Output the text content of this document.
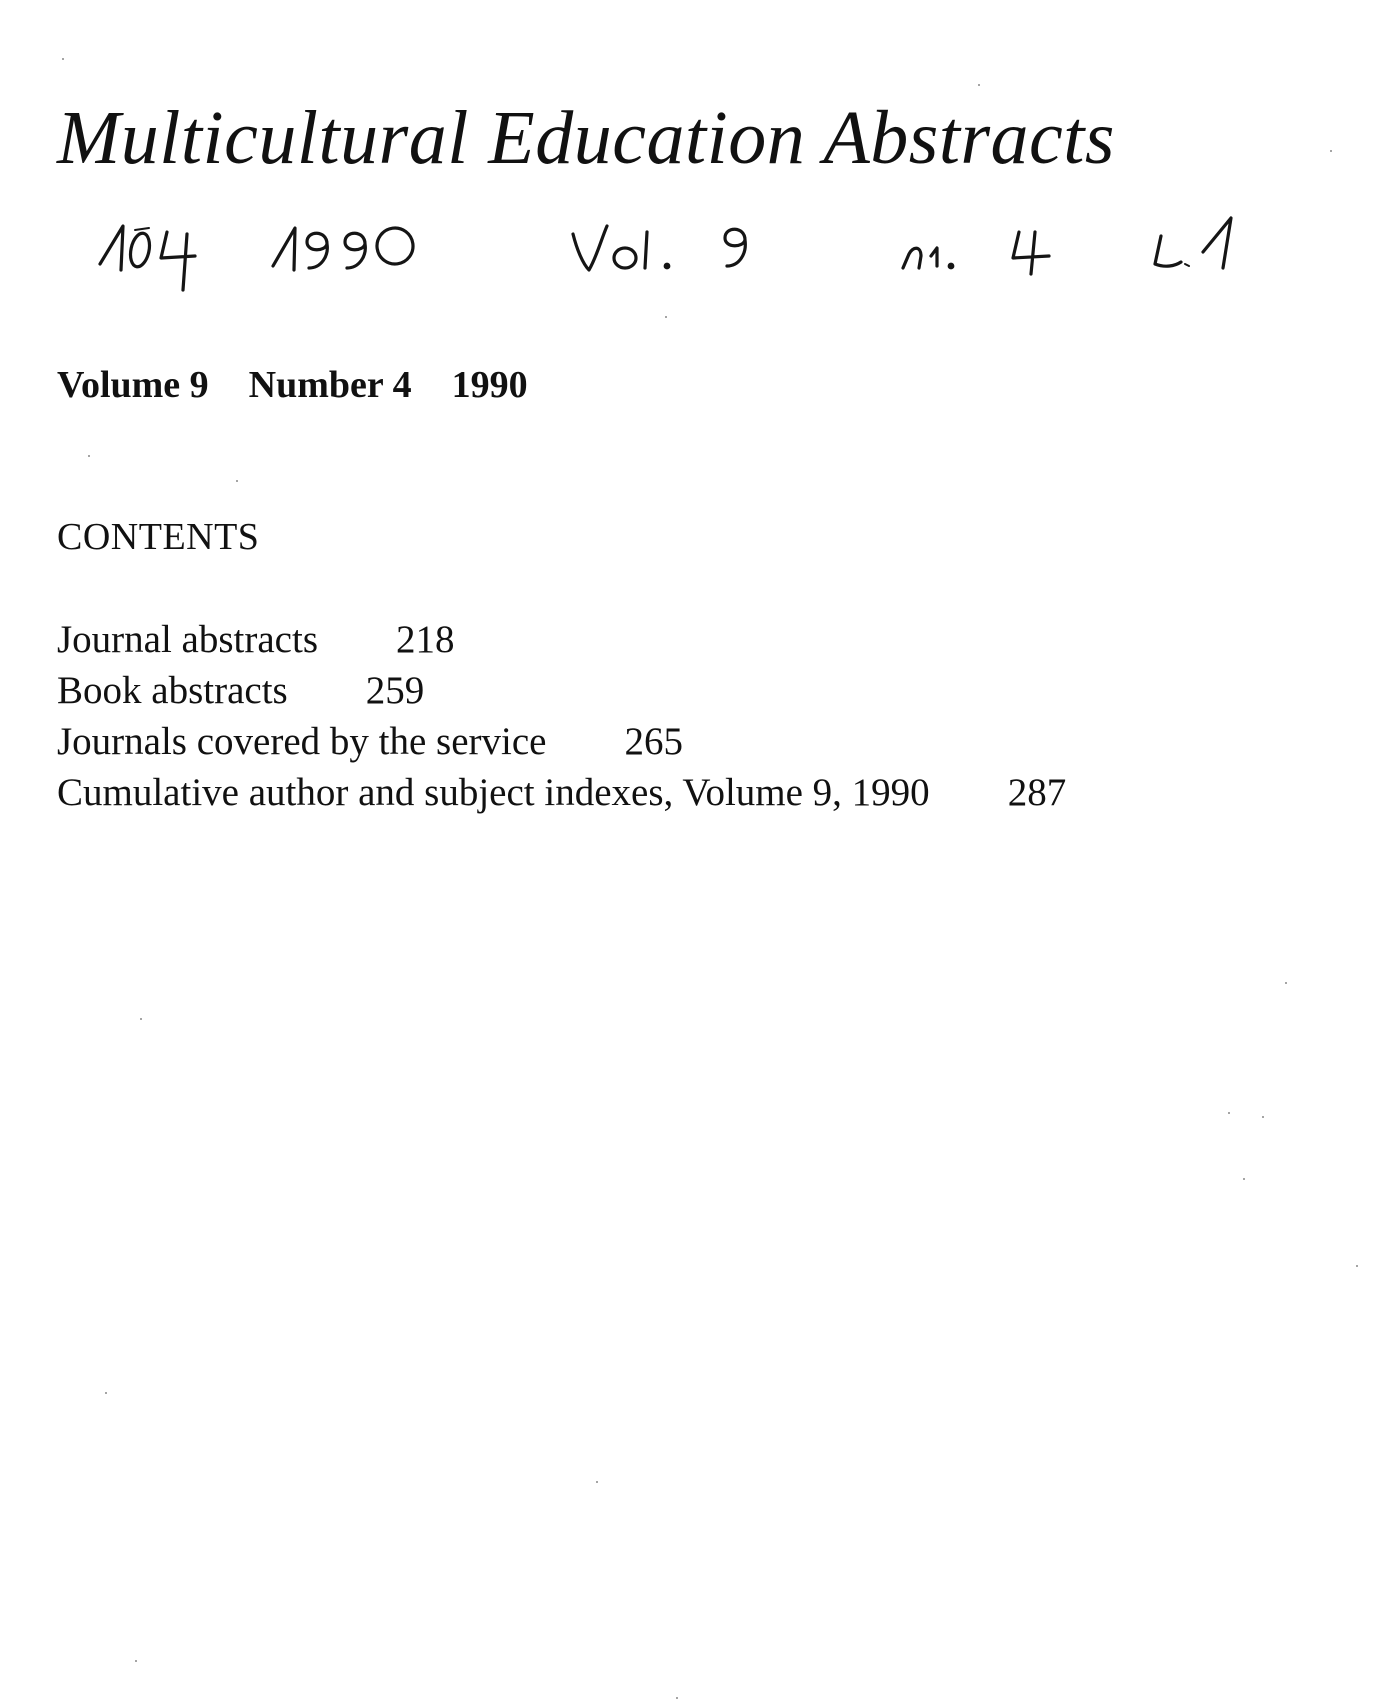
Multicultural Education Abstracts
Volume 9 Number 4 1990
CONTENTS
Journal abstracts 218
Book abstracts 259
Journals covered by the service 265
Cumulative author and subject indexes, Volume 9, 1990 287
